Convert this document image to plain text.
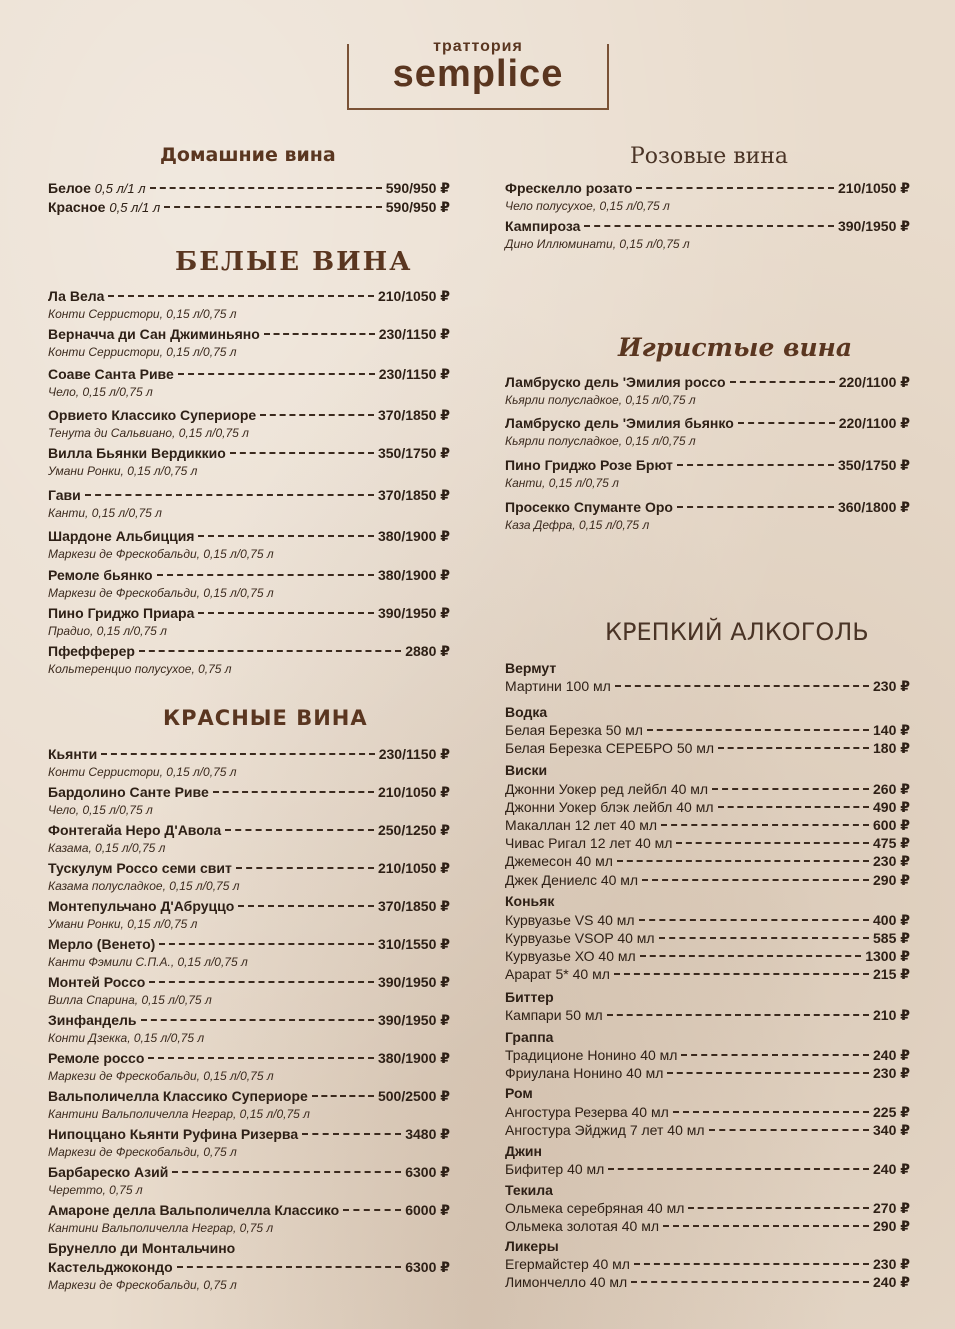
траттория
semplice
Домашние вина
БЕЛЫЕ ВИНА
КРАСНЫЕ ВИНА
Розовые вина
Игристые вина
КРЕПКИЙ АЛКОГОЛЬ
Белое 0,5 л/1 л	590/950 ₽
Красное 0,5 л/1 л	590/950 ₽
Ла Вела	210/1050 ₽
Конти Серристори, 0,15 л/0,75 л
Верначча ди Сан Джиминьяно	230/1150 ₽
Конти Серристори, 0,15 л/0,75 л
Соаве Санта Риве	230/1150 ₽
Чело, 0,15 л/0,75 л
Орвието Классико Супериоре	370/1850 ₽
Тенута ди Сальвиано, 0,15 л/0,75 л
Вилла Бьянки Вердиккио	350/1750 ₽
Умани Ронки, 0,15 л/0,75 л
Гави	370/1850 ₽
Канти, 0,15 л/0,75 л
Шардоне Альбицция	380/1900 ₽
Маркези де Фрескобальди, 0,15 л/0,75 л
Ремоле бьянко	380/1900 ₽
Маркези де Фрескобальди, 0,15 л/0,75 л
Пино Гриджо Приара	390/1950 ₽
Прадио, 0,15 л/0,75 л
Пфефферер	2880 ₽
Кольтеренцио полусухое, 0,75 л
Кьянти	230/1150 ₽
Конти Серристори, 0,15 л/0,75 л
Бардолино Санте Риве	210/1050 ₽
Чело, 0,15 л/0,75 л
Фонтегайа Неро Д'Авола	250/1250 ₽
Казама, 0,15 л/0,75 л
Тускулум Россо семи свит	210/1050 ₽
Казама полусладкое, 0,15 л/0,75 л
Монтепульчано Д'Абруццо	370/1850 ₽
Умани Ронки, 0,15 л/0,75 л
Мерло (Венето)	310/1550 ₽
Канти Фэмили С.П.А., 0,15 л/0,75 л
Монтей Россо	390/1950 ₽
Вилла Спарина, 0,15 л/0,75 л
Зинфандель	390/1950 ₽
Конти Дзекка, 0,15 л/0,75 л
Ремоле россо	380/1900 ₽
Маркези де Фрескобальди, 0,15 л/0,75 л
Вальполичелла Классико Супериоре	500/2500 ₽
Кантини Вальполичелла Неграр, 0,15 л/0,75 л
Нипоццано Кьянти Руфина Ризерва	3480 ₽
Маркези де Фрескобальди, 0,75 л
Барбареско Азий	6300 ₽
Черетто, 0,75 л
Амароне делла Вальполичелла Классико	6000 ₽
Кантини Вальполичелла Неграр, 0,75 л
Брунелло ди Монтальчино
Кастельджокондо	6300 ₽
Маркези де Фрескобальди, 0,75 л
Фрескелло розато	210/1050 ₽
Чело полусухое, 0,15 л/0,75 л
Кампироза	390/1950 ₽
Дино Иллюминати, 0,15 л/0,75 л
Ламбруско дель 'Эмилия россо	220/1100 ₽
Кьярли полусладкое, 0,15 л/0,75 л
Ламбруско дель 'Эмилия бьянко	220/1100 ₽
Кьярли полусладкое, 0,15 л/0,75 л
Пино Гриджо Розе Брют	350/1750 ₽
Канти, 0,15 л/0,75 л
Просекко Спуманте Оро	360/1800 ₽
Каза Дефра, 0,15 л/0,75 л
Вермут
Мартини 100 мл	230 ₽
Водка
Белая Березка 50 мл	140 ₽
Белая Березка СЕРЕБРО 50 мл	180 ₽
Виски
Джонни Уокер ред лейбл 40 мл	260 ₽
Джонни Уокер блэк лейбл 40 мл	490 ₽
Макаллан 12 лет 40 мл	600 ₽
Чивас Ригал 12 лет 40 мл	475 ₽
Джемесон 40 мл	230 ₽
Джек Дениелс 40 мл	290 ₽
Коньяк
Курвуазье VS 40 мл	400 ₽
Курвуазье VSOP 40 мл	585 ₽
Курвуазье ХО 40 мл	1300 ₽
Арарат 5* 40 мл	215 ₽
Биттер
Кампари 50 мл	210 ₽
Граппа
Традиционе Нонино 40 мл	240 ₽
Фриулана Нонино 40 мл	230 ₽
Ром
Ангостура Резерва 40 мл	225 ₽
Ангостура Эйджид 7 лет 40 мл	340 ₽
Джин
Бифитер 40 мл	240 ₽
Текила
Ольмека серебряная 40 мл	270 ₽
Ольмека золотая 40 мл	290 ₽
Ликеры
Егермайстер 40 мл	230 ₽
Лимончелло 40 мл	240 ₽
